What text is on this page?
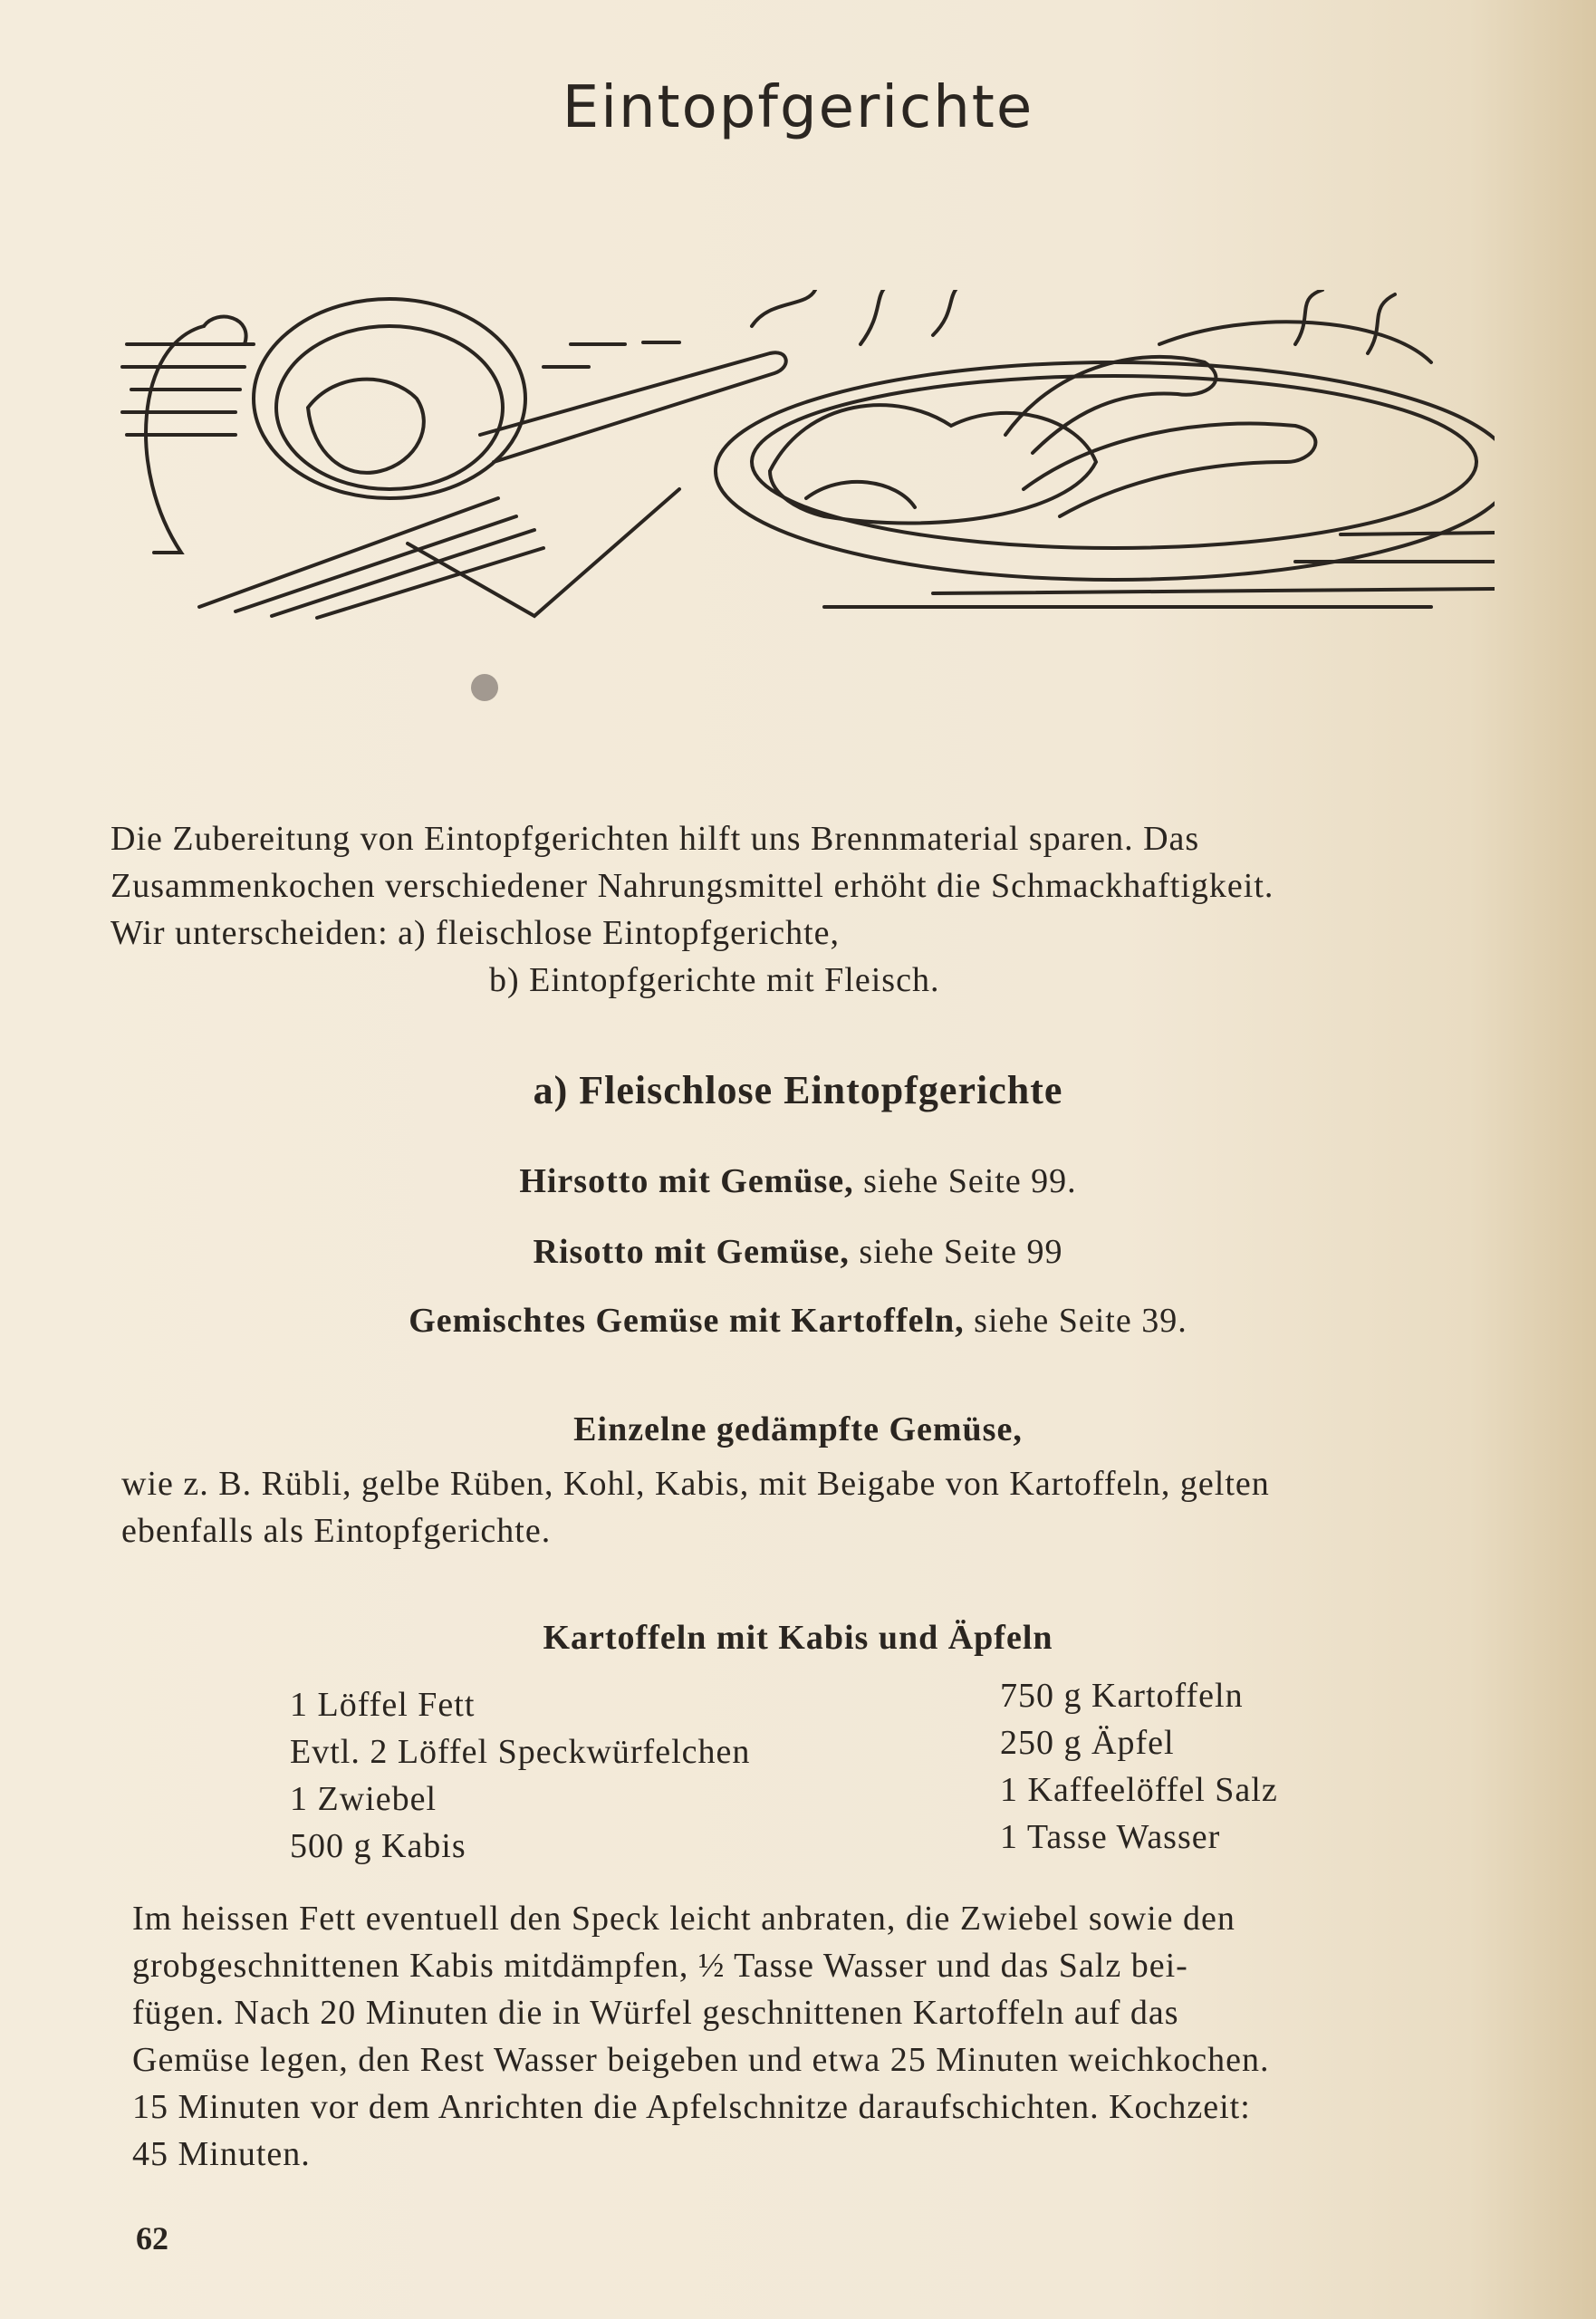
Eintopfgerichte

Die Zubereitung von Eintopfgerichten hilft uns Brennmaterial sparen. Das

Zusammenkochen verschiedener Nahrungsmittel erhöht die Schmackhaftigkeit.

Wir unterscheiden: a) fleischlose Eintopfgerichte,

b) Eintopfgerichte mit Fleisch.

a) Fleischlose Eintopfgerichte
Hirsotto mit Gemüse, siehe Seite 99.
Risotto mit Gemüse, siehe Seite 99
Gemischtes Gemüse mit Kartoffeln, siehe Seite 39.
Einzelne gedämpfte Gemüse,

wie z. B. Rübli, gelbe Rüben, Kohl, Kabis, mit Beigabe von Kartoffeln, gelten

ebenfalls als Eintopfgerichte.

Kartoffeln mit Kabis und Äpfeln
1 Löffel Fett
Evtl. 2 Löffel Speckwürfelchen
1 Zwiebel
500 g Kabis
750 g Kartoffeln
250 g Äpfel
1 Kaffeelöffel Salz
1 Tasse Wasser

Im heissen Fett eventuell den Speck leicht anbraten, die Zwiebel sowie den

grobgeschnittenen Kabis mitdämpfen, ½ Tasse Wasser und das Salz bei-

fügen. Nach 20 Minuten die in Würfel geschnittenen Kartoffeln auf das

Gemüse legen, den Rest Wasser beigeben und etwa 25 Minuten weichkochen.

15 Minuten vor dem Anrichten die Apfelschnitze daraufschichten. Kochzeit:

45 Minuten.

62
